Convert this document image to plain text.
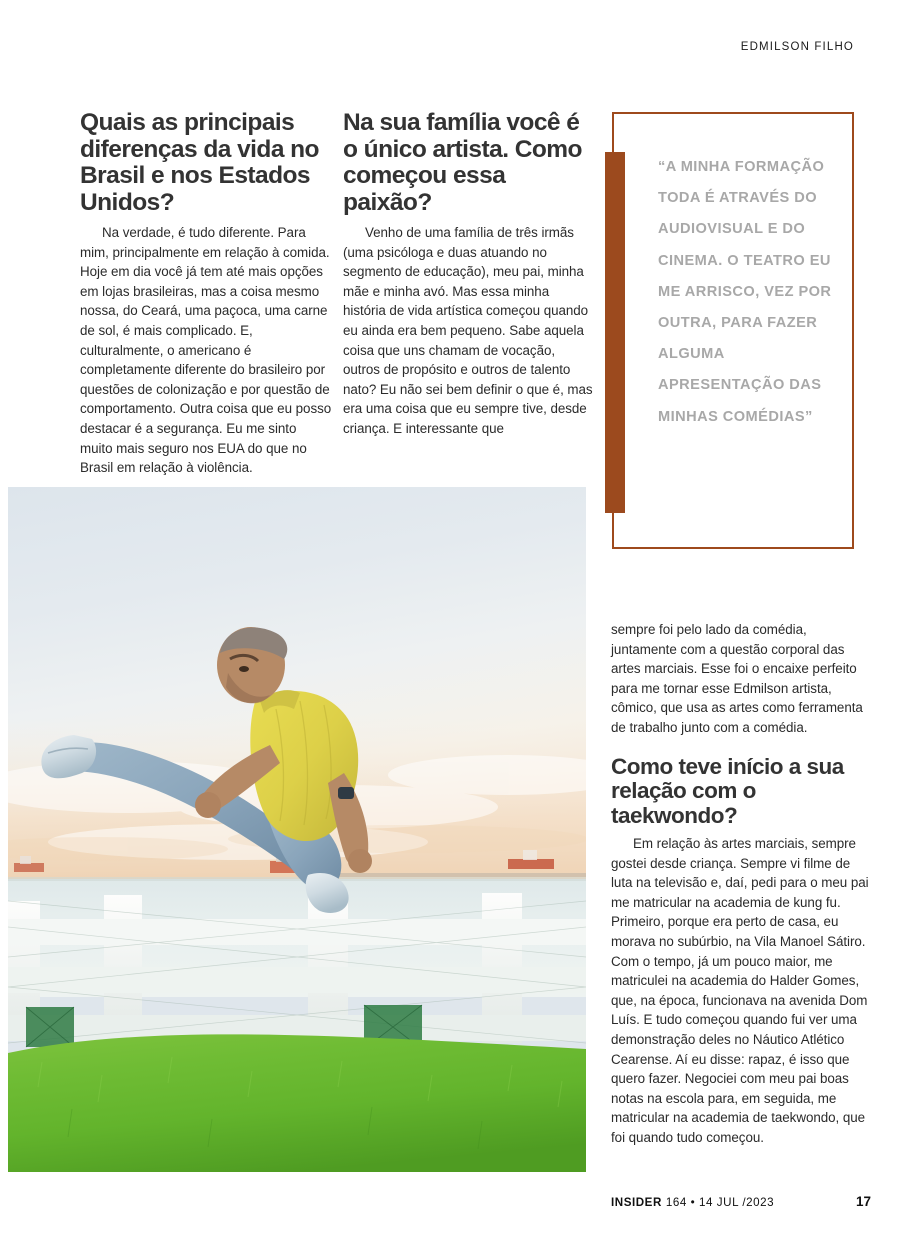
EDMILSON FILHO
Quais as principais diferenças da vida no Brasil e nos Estados Unidos?

Na verdade, é tudo diferente. Para mim, principalmente em relação à comida. Hoje em dia você já tem até mais opções em lojas brasileiras, mas a coisa mesmo nossa, do Ceará, uma paçoca, uma carne de sol, é mais complicado. E, culturalmente, o americano é completamente diferente do brasileiro por questões de colonização e por questão de comportamento. Outra coisa que eu posso destacar é a segurança. Eu me sinto muito mais seguro nos EUA do que no Brasil em relação à violência.

Na sua família você é o único artista. Como começou essa paixão?

Venho de uma família de três irmãs (uma psicóloga e duas atuando no segmento de educação), meu pai, minha mãe e minha avó. Mas essa minha história de vida artística começou quando eu ainda era bem pequeno. Sabe aquela coisa que uns chamam de vocação, outros de propósito e outros de talento nato? Eu não sei bem definir o que é, mas era uma coisa que eu sempre tive, desde criança. E interessante que

“A MINHA FORMAÇÃO TODA É ATRAVÉS DO AUDIOVISUAL E DO CINEMA. O TEATRO EU ME ARRISCO, VEZ POR OUTRA, PARA FAZER ALGUMA APRESENTAÇÃO DAS MINHAS COMÉDIAS”

sempre foi pelo lado da comédia, juntamente com a questão corporal das artes marciais. Esse foi o encaixe perfeito para me tornar esse Edmilson artista, cômico, que usa as artes como ferramenta de trabalho junto com a comédia.

Como teve início a sua relação com o taekwondo?

Em relação às artes marciais, sempre gostei desde criança. Sempre vi filme de luta na televisão e, daí, pedi para o meu pai me matricular na academia de kung fu. Primeiro, porque era perto de casa, eu morava no subúrbio, na Vila Manoel Sátiro. Com o tempo, já um pouco maior, me matriculei na academia do Halder Gomes, que, na época, funcionava na avenida Dom Luís. E tudo começou quando fui ver uma demonstração deles no Náutico Atlético Cearense. Aí eu disse: rapaz, é isso que quero fazer. Negociei com meu pai boas notas na escola para, em seguida, me matricular na academia de taekwondo, que foi quando tudo começou.

INSIDER 164 • 14 JUL /2023	17
